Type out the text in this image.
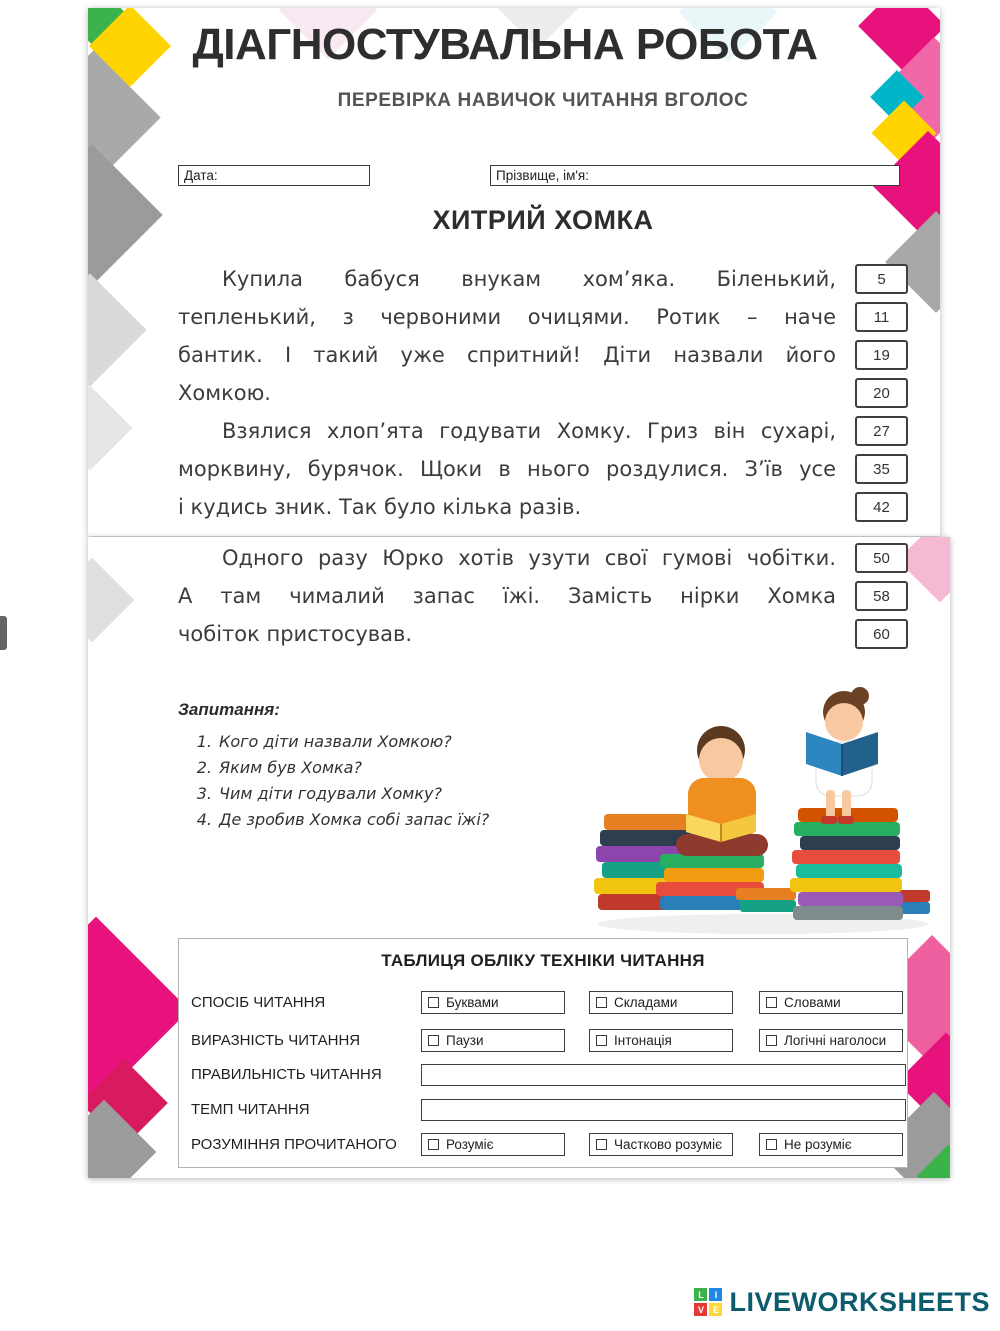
ДІАГНОСТУВАЛЬНА РОБОТА
ПЕРЕВІРКА НАВИЧОК ЧИТАННЯ ВГОЛОС
Дата:	Прізвище, ім'я:
ХИТРИЙ ХОМКА
Купила бабуся внукам хом’яка. Біленький,	5
тепленький, з червоними очицями. Ротик – наче	11
бантик. І такий уже спритний! Діти назвали його 19
Хомкою.	20
Взялися хлоп’ята годувати Хомку. Гриз він сухарі, 27
морквину, бурячок. Щоки в нього роздулися. З’їв усе 35
і кудись зник. Так було кілька разів.	42
Одного разу Юрко хотів узути свої гумові чобітки. 50
А там чималий запас їжі. Замість нірки Хомка 58
чобіток пристосував.	60
Запитання:
1. Кого діти назвали Хомкою?
2. Яким був Хомка?
3. Чим діти годували Хомку?
4. Де зробив Хомка собі запас їжі?
ТАБЛИЦЯ ОБЛІКУ ТЕХНІКИ ЧИТАННЯ
СПОСІБ ЧИТАННЯ	Буквами	Складами	Словами
ВИРАЗНІСТЬ ЧИТАННЯ	Паузи	Інтонація	Логічні наголоси
ПРАВИЛЬНІСТЬ ЧИТАННЯ
ТЕМП ЧИТАННЯ
РОЗУМІННЯ ПРОЧИТАНОГО	Розуміє	Частково розуміє	Не розуміє
L	I
V E LIVEWORKSHEETS
